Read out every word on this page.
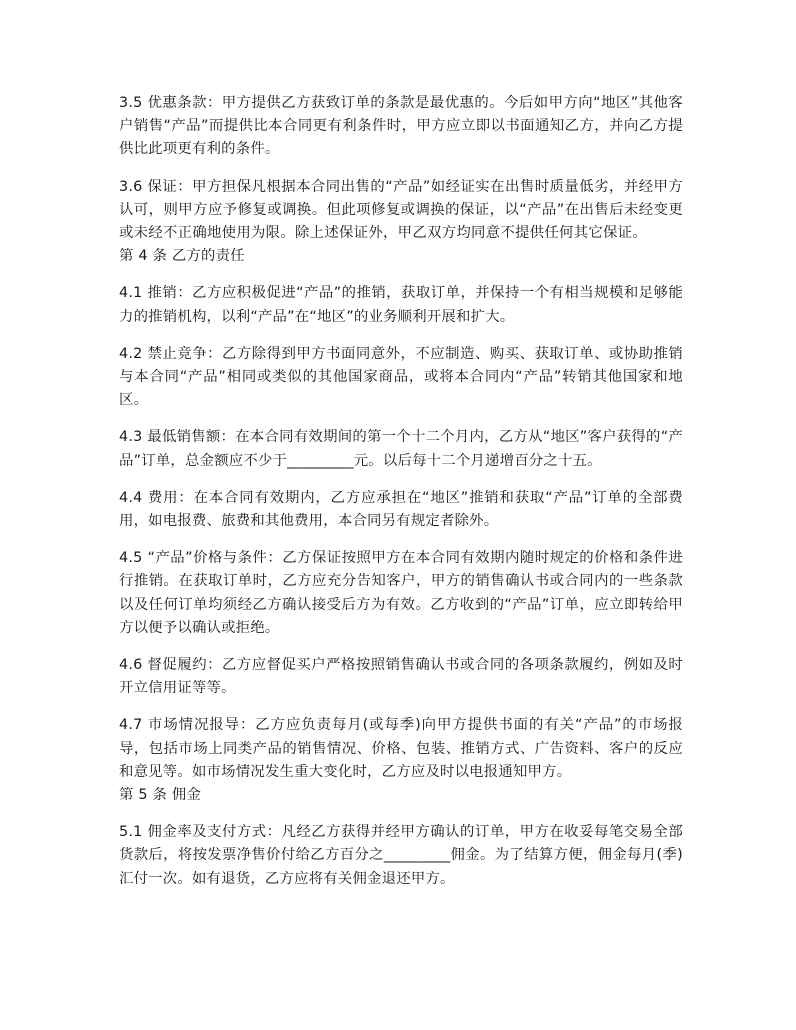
3.5 优惠条款：甲方提供乙方获致订单的条款是最优惠的。今后如甲方向“地区”其他客户销售“产品”而提供比本合同更有利条件时，甲方应立即以书面通知乙方，并向乙方提供比此项更有利的条件。

3.6 保证：甲方担保凡根据本合同出售的“产品”如经证实在出售时质量低劣，并经甲方认可，则甲方应予修复或调换。但此项修复或调换的保证，以“产品”在出售后未经变更或未经不正确地使用为限。除上述保证外，甲乙双方均同意不提供任何其它保证。第 4 条 乙方的责任

4.1 推销：乙方应积极促进“产品”的推销，获取订单，并保持一个有相当规模和足够能力的推销机构，以利“产品”在“地区”的业务顺利开展和扩大。

4.2 禁止竞争：乙方除得到甲方书面同意外，不应制造、购买、获取订单、或协助推销与本合同“产品”相同或类似的其他国家商品，或将本合同内“产品”转销其他国家和地区。

4.3 最低销售额：在本合同有效期间的第一个十二个月内，乙方从“地区”客户获得的“产品”订单，总金额应不少于_________元。以后每十二个月递增百分之十五。

4.4 费用：在本合同有效期内，乙方应承担在“地区”推销和获取“产品”订单的全部费用，如电报费、旅费和其他费用，本合同另有规定者除外。

4.5 “产品”价格与条件：乙方保证按照甲方在本合同有效期内随时规定的价格和条件进行推销。在获取订单时，乙方应充分告知客户，甲方的销售确认书或合同内的一些条款以及任何订单均须经乙方确认接受后方为有效。乙方收到的“产品”订单，应立即转给甲方以便予以确认或拒绝。

4.6 督促履约：乙方应督促买户严格按照销售确认书或合同的各项条款履约，例如及时开立信用证等等。

4.7 市场情况报导：乙方应负责每月(或每季)向甲方提供书面的有关“产品”的市场报导，包括市场上同类产品的销售情况、价格、包装、推销方式、广告资料、客户的反应和意见等。如市场情况发生重大变化时，乙方应及时以电报通知甲方。

第 5 条 佣金

5.1 佣金率及支付方式：凡经乙方获得并经甲方确认的订单，甲方在收妥每笔交易全部货款后，将按发票净售价付给乙方百分之_________佣金。为了结算方便，佣金每月(季)汇付一次。如有退货，乙方应将有关佣金退还甲方。
